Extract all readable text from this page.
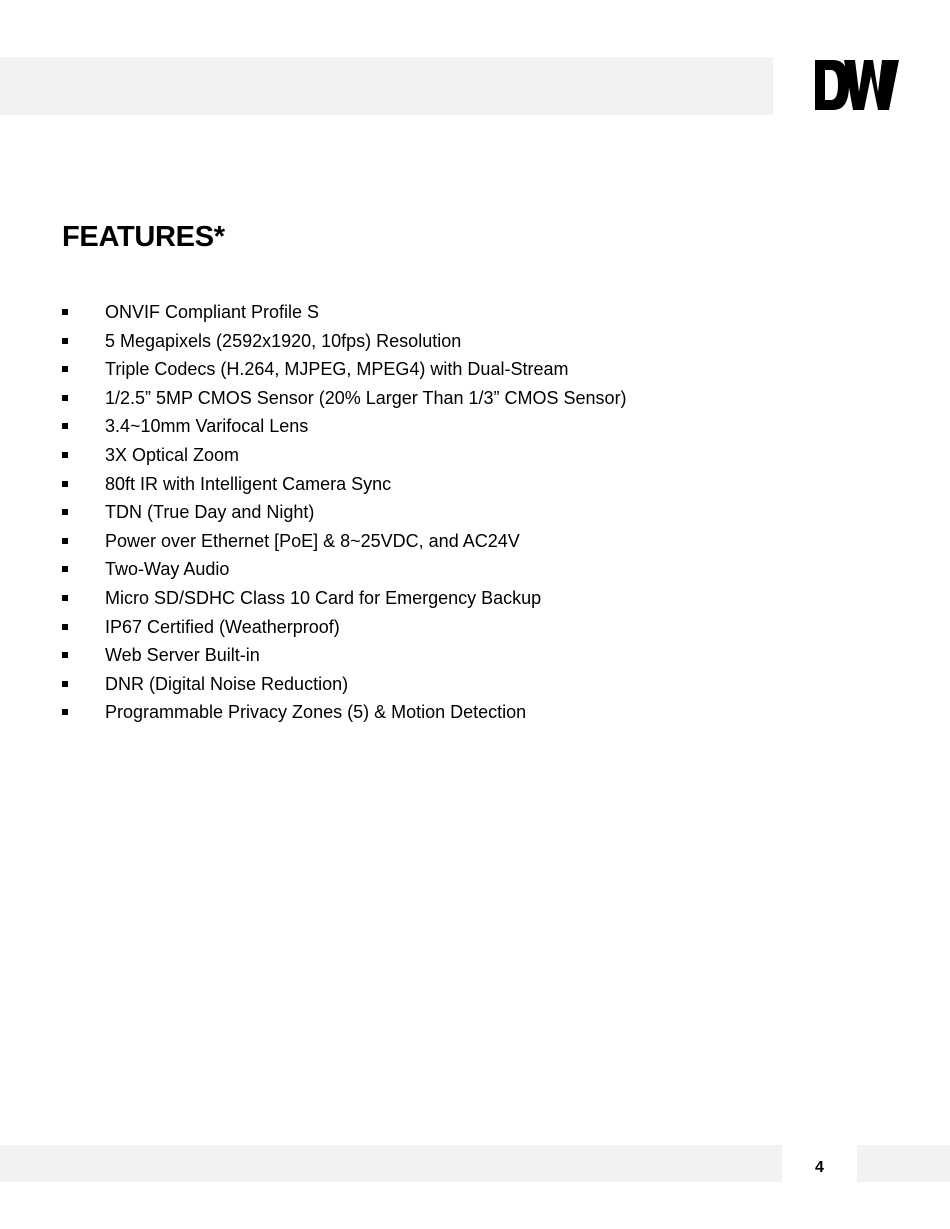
FEATURES*
ONVIF Compliant Profile S
5 Megapixels (2592x1920, 10fps) Resolution
Triple Codecs (H.264, MJPEG, MPEG4) with Dual-Stream
1/2.5” 5MP CMOS Sensor (20% Larger Than 1/3” CMOS Sensor)
3.4~10mm Varifocal Lens
3X Optical Zoom
80ft IR with Intelligent Camera Sync
TDN (True Day and Night)
Power over Ethernet [PoE] & 8~25VDC, and AC24V
Two-Way Audio
Micro SD/SDHC Class 10 Card for Emergency Backup
IP67 Certified (Weatherproof)
Web Server Built-in
DNR (Digital Noise Reduction)
Programmable Privacy Zones (5) & Motion Detection
4
